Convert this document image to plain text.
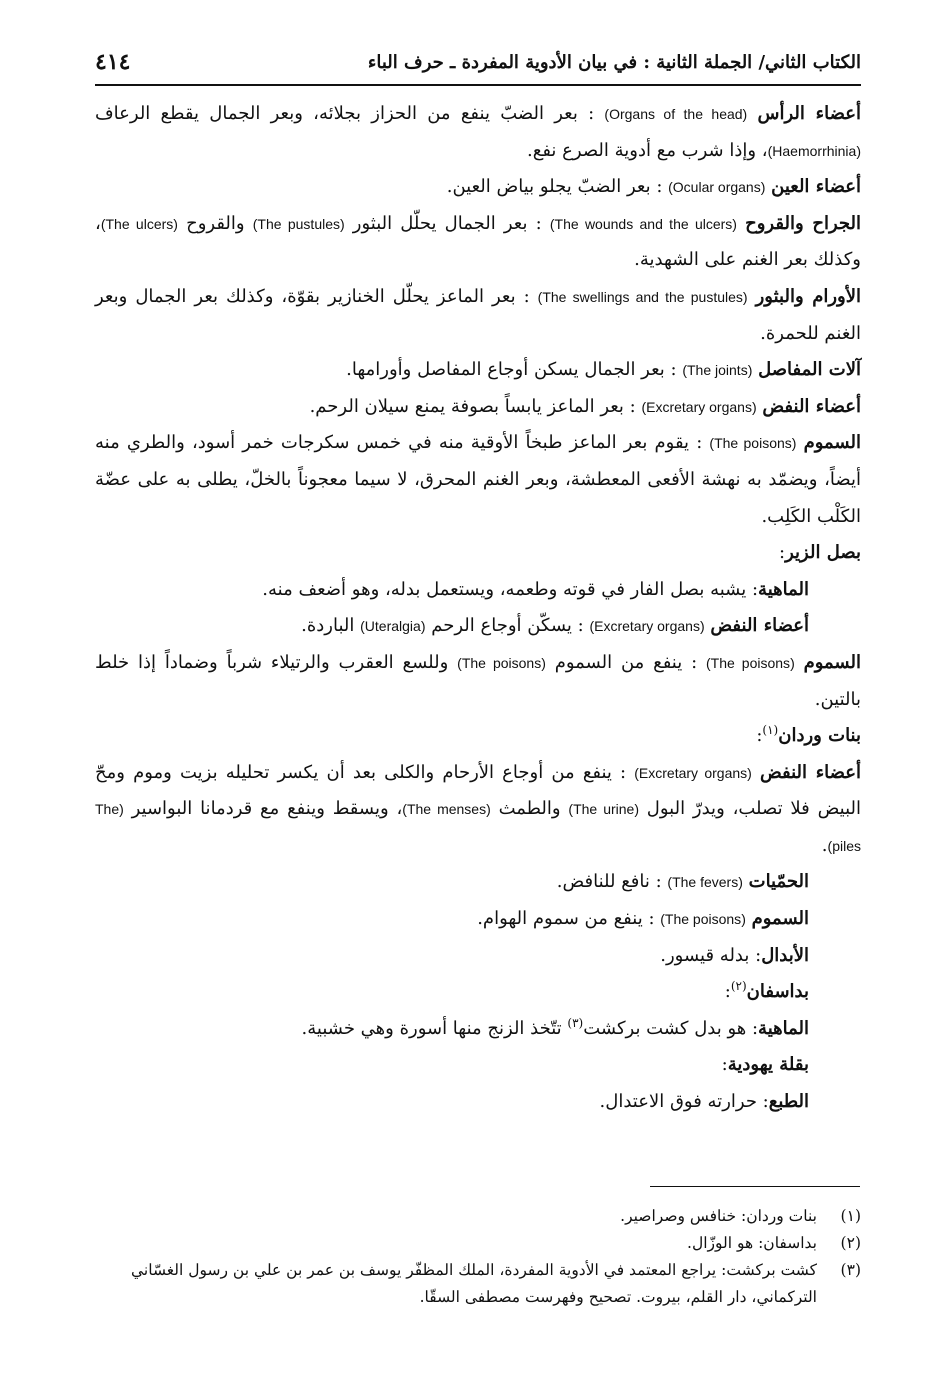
الكتاب الثاني/ الجملة الثانية : في بيان الأدوية المفردة ـ حرف الباء
٤١٤

أعضاء الرأس (Organs of the head) : بعر الضبّ ينفع من الحزاز بجلائه، وبعر الجمال يقطع الرعاف (Haemorrhinia)، وإذا شرب مع أدوية الصرع نفع.

أعضاء العين (Ocular organs) : بعر الضبّ يجلو بياض العين.

الجراح والقروح (The wounds and the ulcers) : بعر الجمال يحلّل البثور (The pustules) والقروح (The ulcers)، وكذلك بعر الغنم على الشهدية.

الأورام والبثور (The swellings and the pustules) : بعر الماعز يحلّل الخنازير بقوّة، وكذلك بعر الجمال وبعر الغنم للحمرة.

آلات المفاصل (The joints) : بعر الجمال يسكن أوجاع المفاصل وأورامها.

أعضاء النفض (Excretary organs) : بعر الماعز يابساً بصوفة يمنع سيلان الرحم.

السموم (The poisons) : يقوم بعر الماعز طبخاً الأوقية منه في خمس سكرجات خمر أسود، والطري منه أيضاً، ويضمّد به نهشة الأفعى المعطشة، وبعر الغنم المحرق، لا سيما معجوناً بالخلّ، يطلى به على عضّة الكَلْب الكَلِب.

بصل الزير:

الماهية: يشبه بصل الفار في قوته وطعمه، ويستعمل بدله، وهو أضعف منه.

أعضاء النفض (Excretary organs) : يسكّن أوجاع الرحم (Uteralgia) الباردة.

السموم (The poisons) : ينفع من السموم (The poisons) وللسع العقرب والرتيلاء شرباً وضماداً إذا خلط بالتين.

بنات وردان$^{(١)}$:

أعضاء النفض (Excretary organs) : ينفع من أوجاع الأرحام والكلى بعد أن يكسر تحليله بزيت وموم ومحّ البيض فلا تصلب، ويدرّ البول (The urine) والطمث (The menses)، ويسقط وينفع مع قردمانا البواسير (The piles).

الحمّيات (The fevers) : نافع للنافض.

السموم (The poisons) : ينفع من سموم الهوام.

الأبدال: بدله قيسور.

بداسفان$^{(٢)}$:

الماهية: هو بدل كشت بركشت$^{(٣)}$ تتّخذ الزنج منها أسورة وهي خشبية.

بقلة يهودية:

الطبع: حرارته فوق الاعتدال.

(١)
بنات وردان: خنافس وصراصير.
(٢)
بداسفان: هو الوزّال.
(٣)
كشت بركشت: يراجع المعتمد في الأدوية المفردة، الملك المظفّر يوسف بن عمر بن علي بن رسول الغسّاني التركماني، دار القلم، بيروت. تصحيح وفهرست مصطفى السقّا.
